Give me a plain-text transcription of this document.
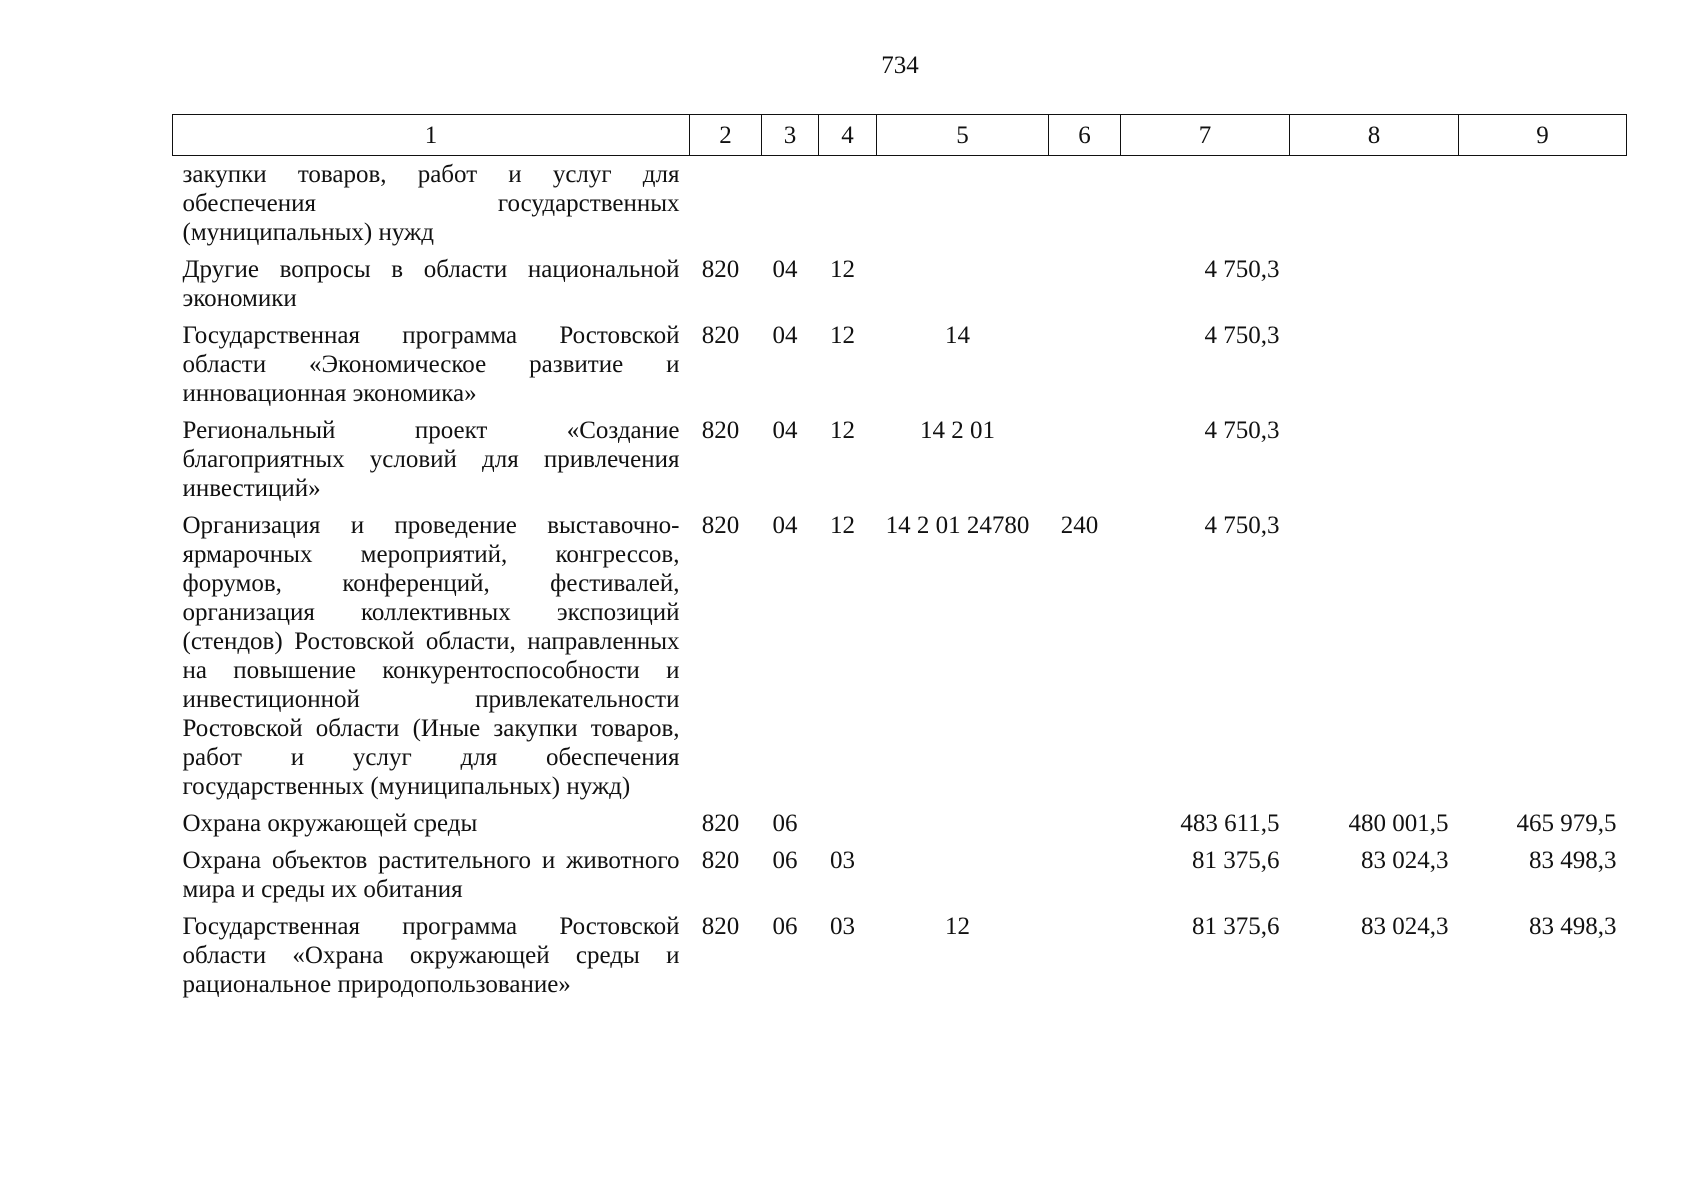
734
1	2	3	4	5	6	7	8	9
закупки товаров, работ и услуг для обеспечения государственных (муниципальных) нужд								
Другие вопросы в области национальной экономики	820	04	12			4 750,3		
Государственная программа Ростовской области «Экономическое развитие и инновационная экономика»	820	04	12	14		4 750,3		
Региональный проект «Создание благоприятных условий для привлечения инвестиций»	820	04	12	14 2 01		4 750,3		
Организация и проведение выставочно-ярмарочных мероприятий, конгрессов, форумов, конференций, фестивалей, организация коллективных экспозиций (стендов) Ростовской области, направленных на повышение конкурентоспособности и инвестиционной привлекательности Ростовской области (Иные закупки товаров, работ и услуг для обеспечения государственных (муниципальных) нужд)	820	04	12	14 2 01 24780	240	4 750,3		
Охрана окружающей среды	820	06				483 611,5	480 001,5	465 979,5
Охрана объектов растительного и животного мира и среды их обитания	820	06	03			81 375,6	83 024,3	83 498,3
Государственная программа Ростовской области «Охрана окружающей среды и рациональное природопользование»	820	06	03	12		81 375,6	83 024,3	83 498,3
